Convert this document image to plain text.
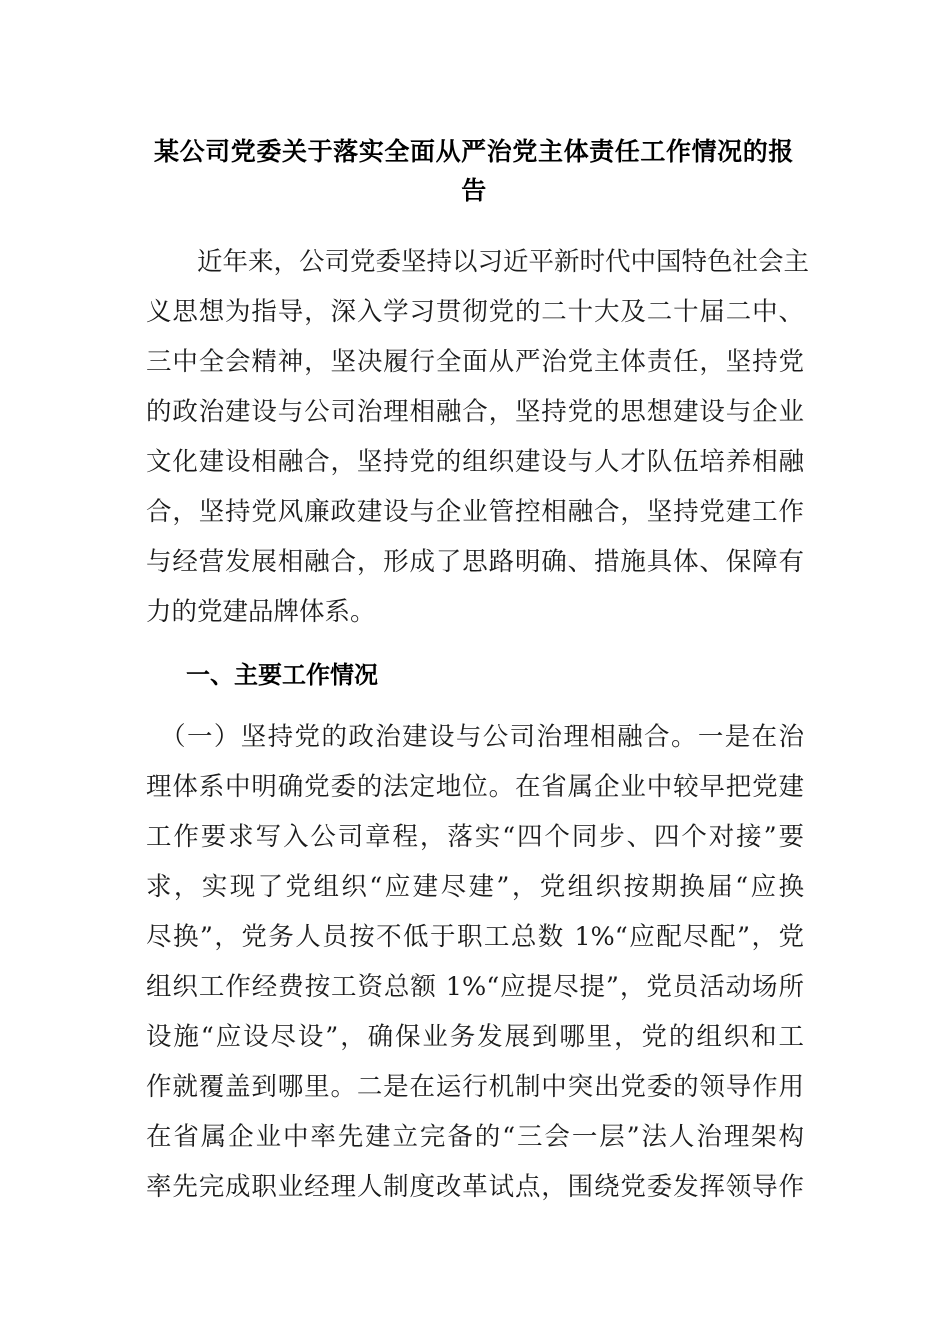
某公司党委关于落实全面从严治党主体责任工作情况的报
告
　　近年来，公司党委坚持以习近平新时代中国特色社会主
义思想为指导，深入学习贯彻党的二十大及二十届二中、
三中全会精神，坚决履行全面从严治党主体责任，坚持党
的政治建设与公司治理相融合，坚持党的思想建设与企业
文化建设相融合，坚持党的组织建设与人才队伍培养相融
合，坚持党风廉政建设与企业管控相融合，坚持党建工作
与经营发展相融合，形成了思路明确、措施具体、保障有
力的党建品牌体系。
一、主要工作情况
　（一）坚持党的政治建设与公司治理相融合。一是在治
理体系中明确党委的法定地位。在省属企业中较早把党建
工作要求写入公司章程，落实“四个同步、四个对接”要
求，实现了党组织“应建尽建”，党组织按期换届“应换
尽换”，党务人员按不低于职工总数 1%“应配尽配”，党
组织工作经费按工资总额 1%“应提尽提”，党员活动场所
设施“应设尽设”，确保业务发展到哪里，党的组织和工
作就覆盖到哪里。二是在运行机制中突出党委的领导作用
在省属企业中率先建立完备的“三会一层”法人治理架构
率先完成职业经理人制度改革试点，围绕党委发挥领导作
